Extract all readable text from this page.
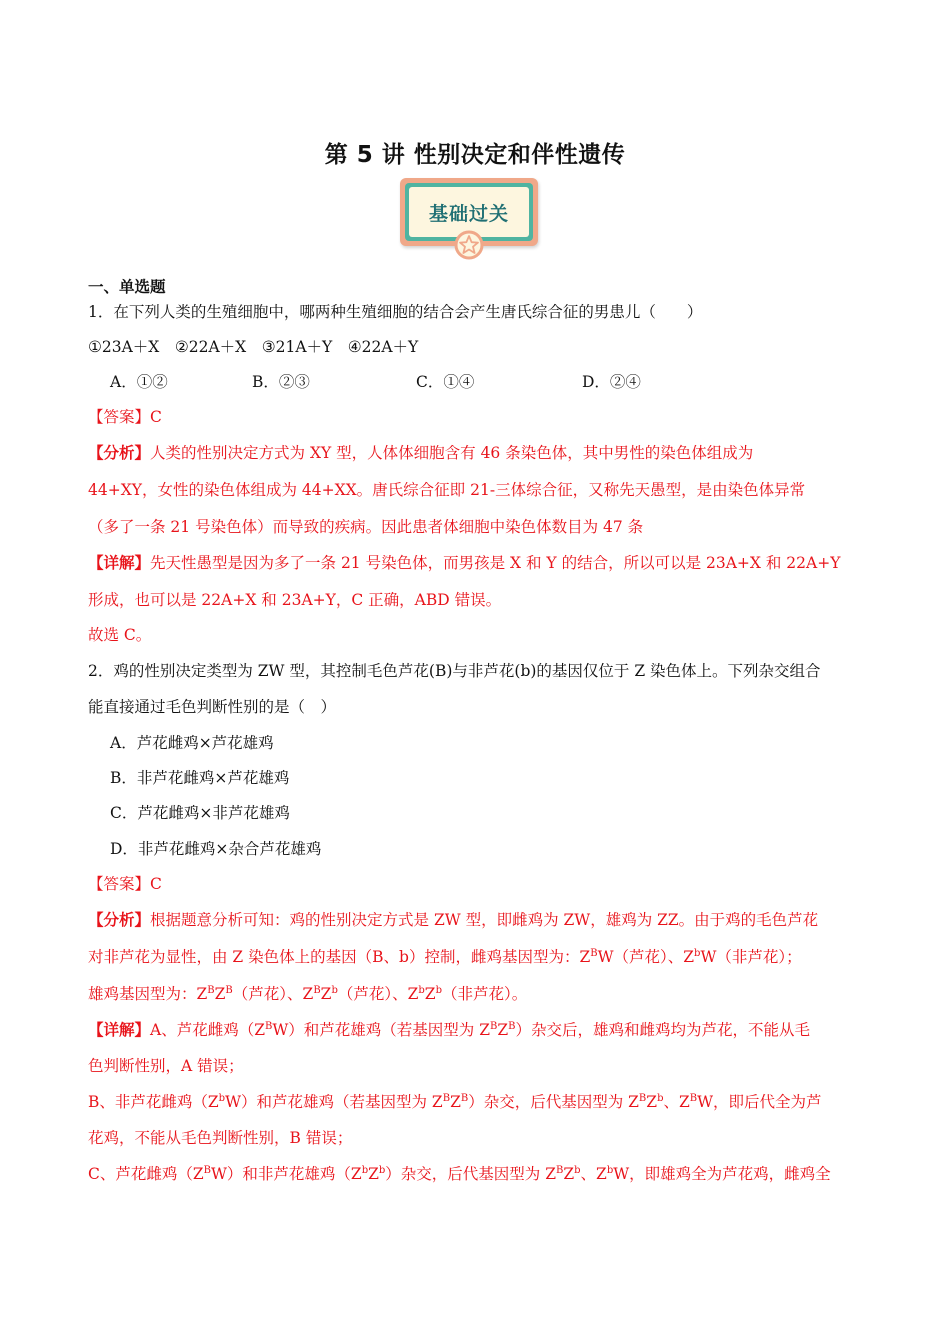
第 5 讲 性别决定和伴性遗传
基础过关
一、单选题
1．在下列人类的生殖细胞中，哪两种生殖细胞的结合会产生唐氏综合征的男患儿（　　）
①23A＋X　②22A＋X　③21A＋Y　④22A＋Y
A．①②	B．②③	C．①④	D．②④
【答案】C
【分析】人类的性别决定方式为 XY 型，人体体细胞含有 46 条染色体，其中男性的染色体组成为
44+XY，女性的染色体组成为 44+XX。唐氏综合征即 21-三体综合征，又称先天愚型，是由染色体异常
（多了一条 21 号染色体）而导致的疾病。因此患者体细胞中染色体数目为 47 条
【详解】先天性愚型是因为多了一条 21 号染色体，而男孩是 X 和 Y 的结合，所以可以是 23A+X 和 22A+Y
形成，也可以是 22A+X 和 23A+Y，C 正确，ABD 错误。
故选 C。
2．鸡的性别决定类型为 ZW 型，其控制毛色芦花(B)与非芦花(b)的基因仅位于 Z 染色体上。下列杂交组合
能直接通过毛色判断性别的是（　）
A．芦花雌鸡×芦花雄鸡
B．非芦花雌鸡×芦花雄鸡
C．芦花雌鸡×非芦花雄鸡
D．非芦花雌鸡×杂合芦花雄鸡
【答案】C
【分析】根据题意分析可知：鸡的性别决定方式是 ZW 型，即雌鸡为 ZW，雄鸡为 ZZ。由于鸡的毛色芦花
对非芦花为显性，由 Z 染色体上的基因（B、b）控制，雌鸡基因型为：$Z^BW$（芦花）、$Z^bW$（非芦花）；
雄鸡基因型为：$Z^BZ^B$（芦花）、$Z^BZ^b$（芦花）、$Z^bZ^b$（非芦花）。
【详解】A、芦花雌鸡$(Z^BW)$和芦花雄鸡（若基因型为 $Z^BZ^B$）杂交后，雄鸡和雌鸡均为芦花，不能从毛
色判断性别，A 错误；
B、非芦花雌鸡$(Z^bW)$和芦花雄鸡（若基因型为 $Z^BZ^B$）杂交，后代基因型为 $Z^BZ^b$、$Z^BW$，即后代全为芦
花鸡，不能从毛色判断性别，B 错误；
C、芦花雌鸡$(Z^BW)$和非芦花雄鸡$(Z^bZ^b)$杂交，后代基因型为 $Z^BZ^b$、$Z^bW$，即雄鸡全为芦花鸡，雌鸡全
